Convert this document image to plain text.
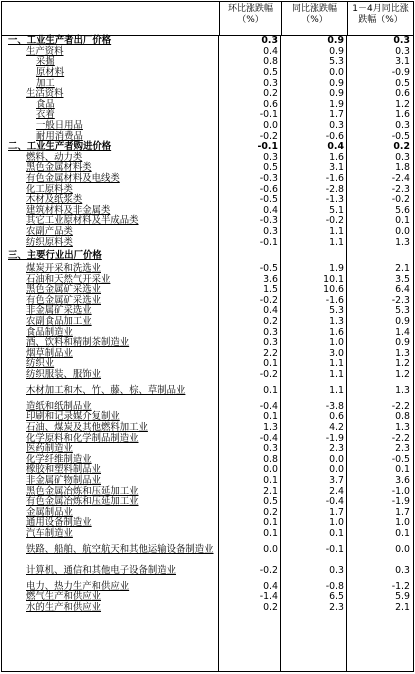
环比涨跌幅（%）
同比涨跌幅（%）
1－4月同比涨跌幅（%）
一、工业生产者出厂价格	0.3	0.9	0.3
生产资料	0.4	0.9	0.3
采掘	0.8	5.3	3.1
原材料	0.5	0.0	-0.9
加工	0.3	0.9	0.5
生活资料	0.2	0.9	0.6
食品	0.6	1.9	1.2
衣着	-0.1	1.7	1.6
一般日用品	0.0	0.3	0.3
耐用消费品	-0.2	-0.6	-0.5
二、工业生产者购进价格	-0.1	0.4	0.2
燃料、动力类	0.3	1.6	0.3
黑色金属材料类	0.5	3.1	1.8
有色金属材料及电线类	-0.3	-1.6	-2.4
化工原料类	-0.6	-2.8	-2.3
木材及纸浆类	-0.5	-1.3	-0.2
建筑材料及非金属类	0.4	5.1	5.6
其它工业原材料及半成品类	-0.3	-0.2	0.1
农副产品类	0.3	1.1	0.0
纺织原料类	-0.1	1.1	1.3
三、主要行业出厂价格
煤炭开采和洗选业	-0.5	1.9	2.1
石油和天然气开采业	3.6	10.1	3.5
黑色金属矿采选业	1.5	10.6	6.4
有色金属矿采选业	-0.2	-1.6	-2.3
非金属矿采选业	0.4	5.3	5.3
农副食品加工业	0.2	1.3	0.9
食品制造业	0.3	1.6	1.4
酒、饮料和精制茶制造业	0.3	1.0	0.9
烟草制品业	2.2	3.0	1.3
纺织业	0.1	1.1	1.2
纺织服装、服饰业	-0.2	1.1	1.2
木材加工和木、竹、藤、棕、草制品业	0.1	1.1	1.3
造纸和纸制品业	-0.4	-3.8	-2.2
印刷和记录媒介复制业	0.1	0.6	0.8
石油、煤炭及其他燃料加工业	1.3	4.2	1.3
化学原料和化学制品制造业	-0.4	-1.9	-2.2
医药制造业	0.3	2.3	2.3
化学纤维制造业	0.8	0.0	-0.5
橡胶和塑料制品业	0.0	0.0	0.1
非金属矿物制品业	0.1	3.7	3.6
黑色金属冶炼和压延加工业	2.1	2.4	-1.0
有色金属冶炼和压延加工业	0.5	-0.4	-1.9
金属制品业	0.2	1.7	1.7
通用设备制造业	0.1	1.0	1.0
汽车制造业	0.1	0.1	0.1
铁路、船舶、航空航天和其他运输设备制造业	0.0	-0.1	0.0
计算机、通信和其他电子设备制造业	-0.2	0.3	0.3
电力、热力生产和供应业	0.4	-0.8	-1.2
燃气生产和供应业	-1.4	6.5	5.9
水的生产和供应业	0.2	2.3	2.1
